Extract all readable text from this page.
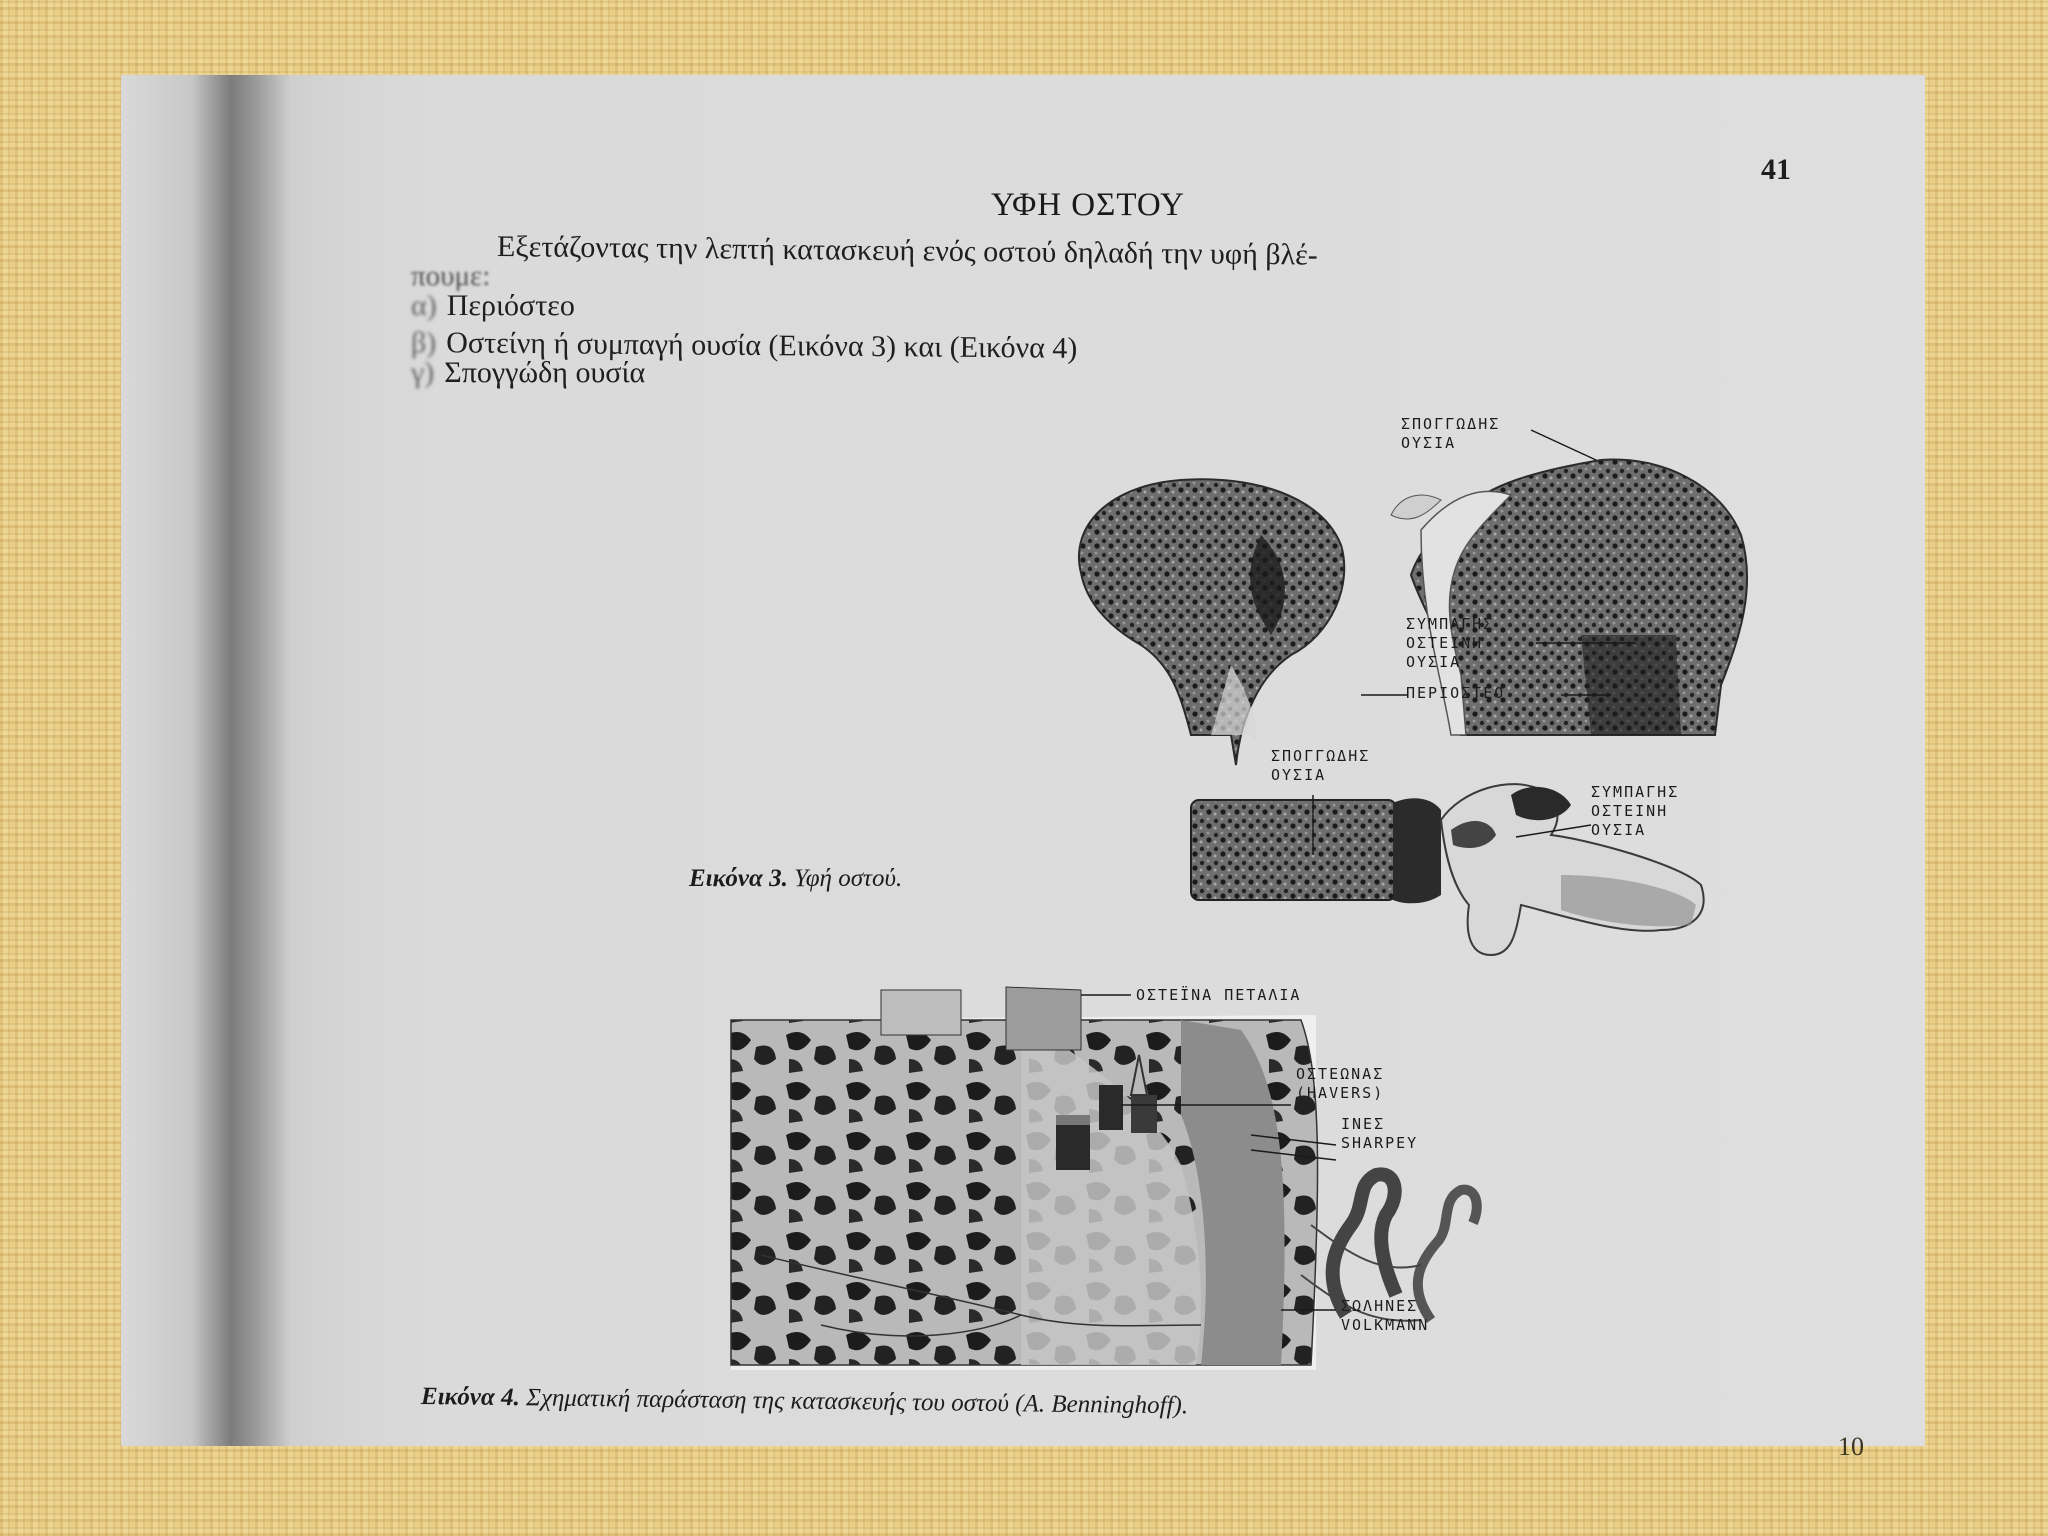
41
ΥΦΗ ΟΣΤΟΥ
Εξετάζοντας την λεπτή κατασκευή ενός οστού δηλαδή την υφή βλέ-
πουμε:
α) Περιόστεο
β) Οστείνη ή συμπαγή ουσία (Εικόνα 3) και (Εικόνα 4)
γ) Σπογγώδη ουσία
ΣΠΟΓΓΩΔΗΣ
ΟΥΣΙΑ
ΣΥΜΠΑΓΗΣ
ΟΣΤΕΙΝΗ
ΟΥΣΙΑ
ΠΕΡΙΟΣΤΕΟ
ΣΠΟΓΓΩΔΗΣ
ΟΥΣΙΑ
ΣΥΜΠΑΓΗΣ
ΟΣΤΕΙΝΗ
ΟΥΣΙΑ
Εικόνα 3. Υφή οστού.
ΟΣΤΕΪΝΑ ΠΕΤΑΛΙΑ
ΟΣΤΕΩΝΑΣ
(HAVERS)
ΙΝΕΣ
SHARPEY
ΣΩΛΗΝΕΣ
VOLKMANN
Εικόνα 4. Σχηματική παράσταση της κατασκευής του οστού (A. Benninghoff).
10
